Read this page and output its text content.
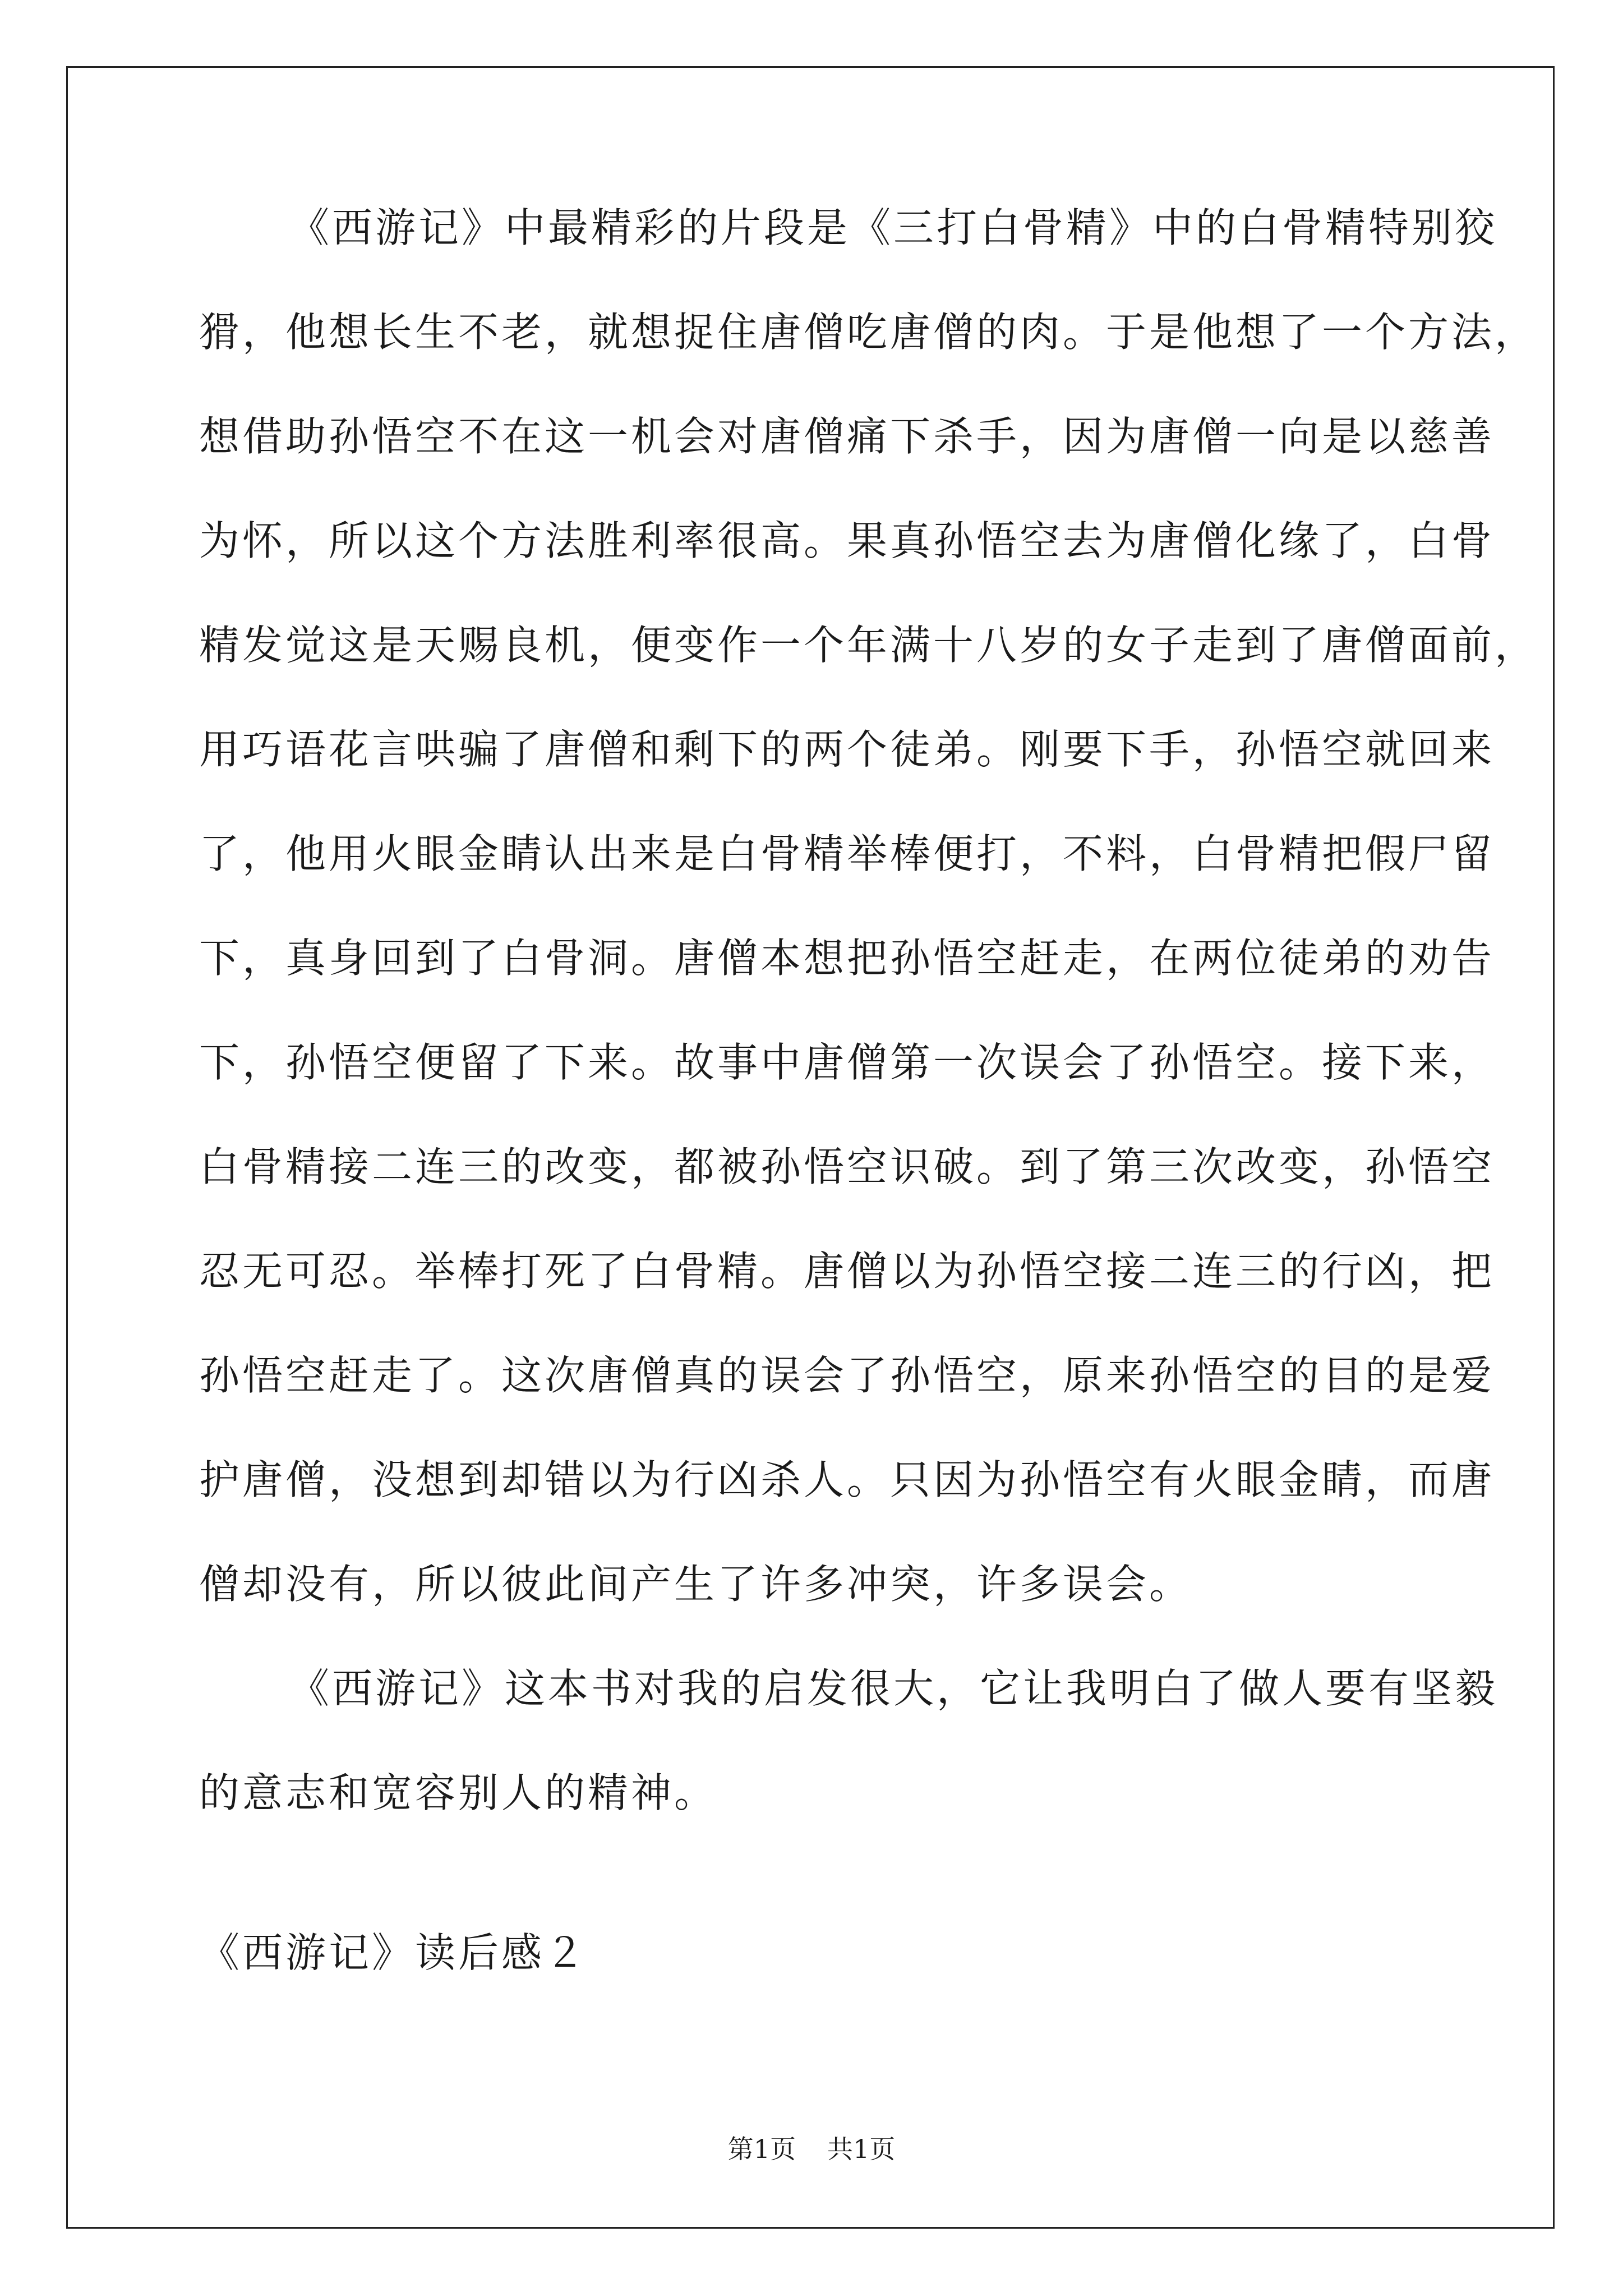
《西游记》中最精彩的片段是《三打白骨精》中的白骨精特别狡
猾，他想长生不老，就想捉住唐僧吃唐僧的肉。于是他想了一个方法，
想借助孙悟空不在这一机会对唐僧痛下杀手，因为唐僧一向是以慈善
为怀，所以这个方法胜利率很高。果真孙悟空去为唐僧化缘了，白骨
精发觉这是天赐良机，便变作一个年满十八岁的女子走到了唐僧面前，
用巧语花言哄骗了唐僧和剩下的两个徒弟。刚要下手，孙悟空就回来
了，他用火眼金睛认出来是白骨精举棒便打，不料，白骨精把假尸留
下，真身回到了白骨洞。唐僧本想把孙悟空赶走，在两位徒弟的劝告
下，孙悟空便留了下来。故事中唐僧第一次误会了孙悟空。接下来，
白骨精接二连三的改变，都被孙悟空识破。到了第三次改变，孙悟空
忍无可忍。举棒打死了白骨精。唐僧以为孙悟空接二连三的行凶，把
孙悟空赶走了。这次唐僧真的误会了孙悟空，原来孙悟空的目的是爱
护唐僧，没想到却错以为行凶杀人。只因为孙悟空有火眼金睛，而唐
僧却没有，所以彼此间产生了许多冲突，许多误会。
《西游记》这本书对我的启发很大，它让我明白了做人要有坚毅
的意志和宽容别人的精神。
《西游记》读后感２
第1页 共1页
